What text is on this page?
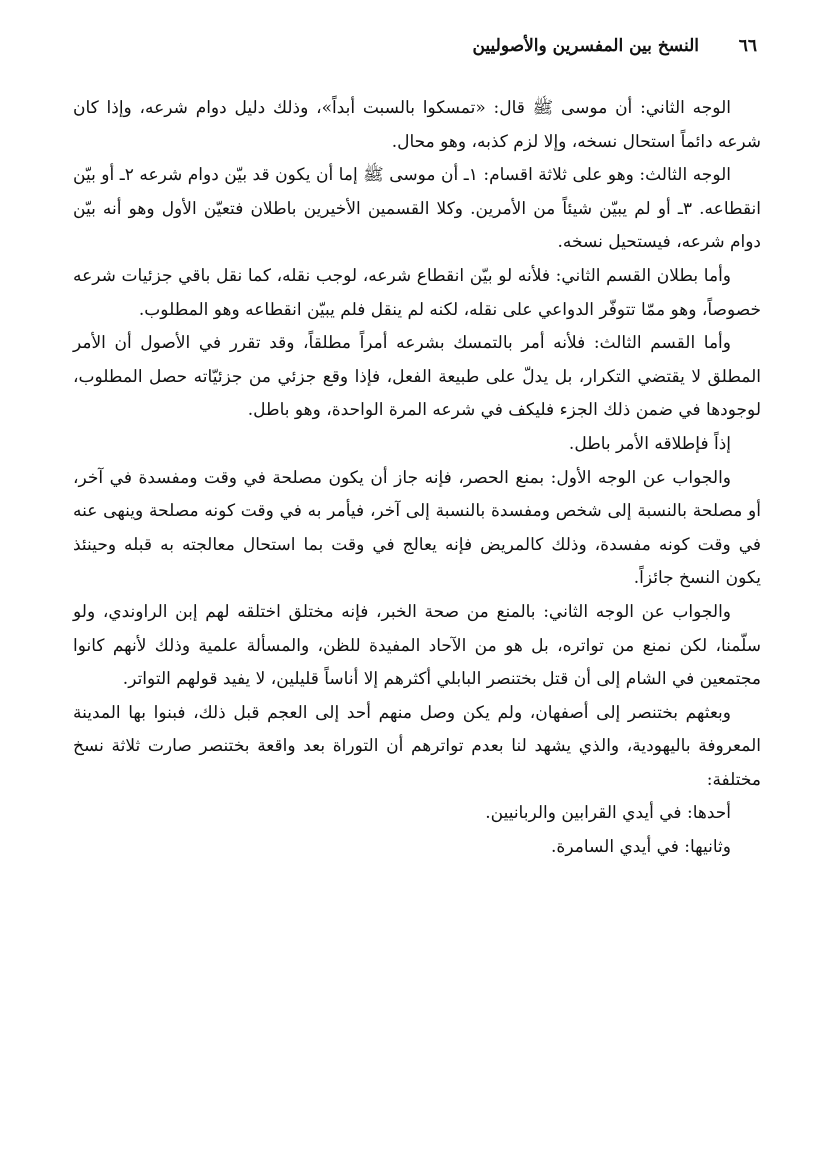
٦٦
النسخ بين المفسرين والأصوليين

الوجه الثاني: أن موسى ﷺ قال: «تمسكوا بالسبت أبداً»، وذلك دليل دوام شرعه، وإذا كان شرعه دائماً استحال نسخه، وإلا لزم كذبه، وهو محال.

الوجه الثالث: وهو على ثلاثة اقسام: ١ـ أن موسى ﷺ إما أن يكون قد بيّن دوام شرعه ٢ـ أو بيّن انقطاعه. ٣ـ أو لم يبيّن شيئاً من الأمرين. وكلا القسمين الأخيرين باطلان فتعيّن الأول وهو أنه بيّن دوام شرعه، فيستحيل نسخه.

وأما بطلان القسم الثاني: فلأنه لو بيّن انقطاع شرعه، لوجب نقله، كما نقل باقي جزئيات شرعه خصوصاً، وهو ممّا تتوفّر الدواعي على نقله، لكنه لم ينقل فلم يبيّن انقطاعه وهو المطلوب.

وأما القسم الثالث: فلأنه أمر بالتمسك بشرعه أمراً مطلقاً، وقد تقرر في الأصول أن الأمر المطلق لا يقتضي التكرار، بل يدلّ على طبيعة الفعل، فإذا وقع جزئي من جزئيّاته حصل المطلوب، لوجودها في ضمن ذلك الجزء فليكف في شرعه المرة الواحدة، وهو باطل.

إذاً فإطلاقه الأمر باطل.

والجواب عن الوجه الأول: بمنع الحصر، فإنه جاز أن يكون مصلحة في وقت ومفسدة في آخر، أو مصلحة بالنسبة إلى شخص ومفسدة بالنسبة إلى آخر، فيأمر به في وقت كونه مصلحة وينهى عنه في وقت كونه مفسدة، وذلك كالمريض فإنه يعالج في وقت بما استحال معالجته به قبله وحينئذ يكون النسخ جائزاً.

والجواب عن الوجه الثاني: بالمنع من صحة الخبر، فإنه مختلق اختلقه لهم إبن الراوندي، ولو سلّمنا، لكن نمنع من تواتره، بل هو من الآحاد المفيدة للظن، والمسألة علمية وذلك لأنهم كانوا مجتمعين في الشام إلى أن قتل بختنصر البابلي أكثرهم إلا أناساً قليلين، لا يفيد قولهم التواتر.

وبعثهم بختنصر إلى أصفهان، ولم يكن وصل منهم أحد إلى العجم قبل ذلك، فبنوا بها المدينة المعروفة باليهودية، والذي يشهد لنا بعدم تواترهم أن التوراة بعد واقعة بختنصر صارت ثلاثة نسخ مختلفة:

أحدها: في أيدي القرابين والربانيين.

وثانيها: في أيدي السامرة.
